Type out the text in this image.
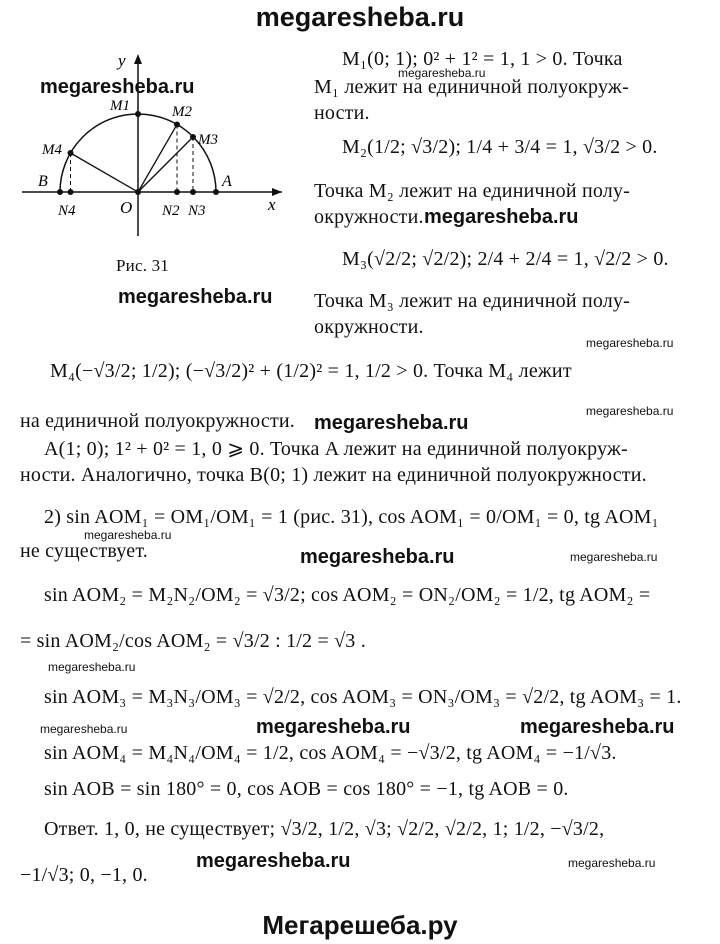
megaresheba.ru
y
x
O
A
B
M1	M2
M3
M4
N2 N3
N4
megaresheba.ru
Рис. 31
megaresheba.ru
M₁(0; 1); 0² + 1² = 1, 1 > 0. Точка
megaresheba.ru
M₁ лежит на единичной полуокруж-
ности.
M₂(1/2; √3/2); 1/4 + 3/4 = 1, √3/2 > 0.
Точка M₂ лежит на единичной полу-
окружности. megaresheba.ru
M₃(√2/2; √2/2); 2/4 + 2/4 = 1, √2/2 > 0.
Точка M₃ лежит на единичной полу-
окружности.
megaresheba.ru
M₄(−√3/2; 1/2); (−√3/2)² + (1/2)² = 1, 1/2 > 0. Точка M₄ лежит
на единичной полуокружности. megaresheba.ru
megaresheba.ru
A(1; 0); 1² + 0² = 1, 0 ⩾ 0. Точка A лежит на единичной полуокруж-
ности. Аналогично, точка B(0; 1) лежит на единичной полуокружности.
2) sin AOM₁ = OM₁/OM₁ = 1 (рис. 31), cos AOM₁ = 0/OM₁ = 0, tg AOM₁
megaresheba.ru
не существует.	megaresheba.ru	megaresheba.ru
sin AOM₂ = M₂N₂/OM₂ = √3/2; cos AOM₂ = ON₂/OM₂ = 1/2, tg AOM₂ =
= sin AOM₂/cos AOM₂ = √3/2 : 1/2 = √3 .
megaresheba.ru
sin AOM₃ = M₃N₃/OM₃ = √2/2, cos AOM₃ = ON₃/OM₃ = √2/2, tg AOM₃ = 1.
megaresheba.ru	megaresheba.ru	megaresheba.ru
sin AOM₄ = M₄N₄/OM₄ = 1/2, cos AOM₄ = −√3/2, tg AOM₄ = −1/√3.
sin AOB = sin 180° = 0, cos AOB = cos 180° = −1, tg AOB = 0.
Ответ. 1, 0, не существует; √3/2, 1/2, √3; √2/2, √2/2, 1; 1/2, −√3/2,
−1/√3; 0, −1, 0.
megaresheba.ru	megaresheba.ru
Мегарешеба.ру
